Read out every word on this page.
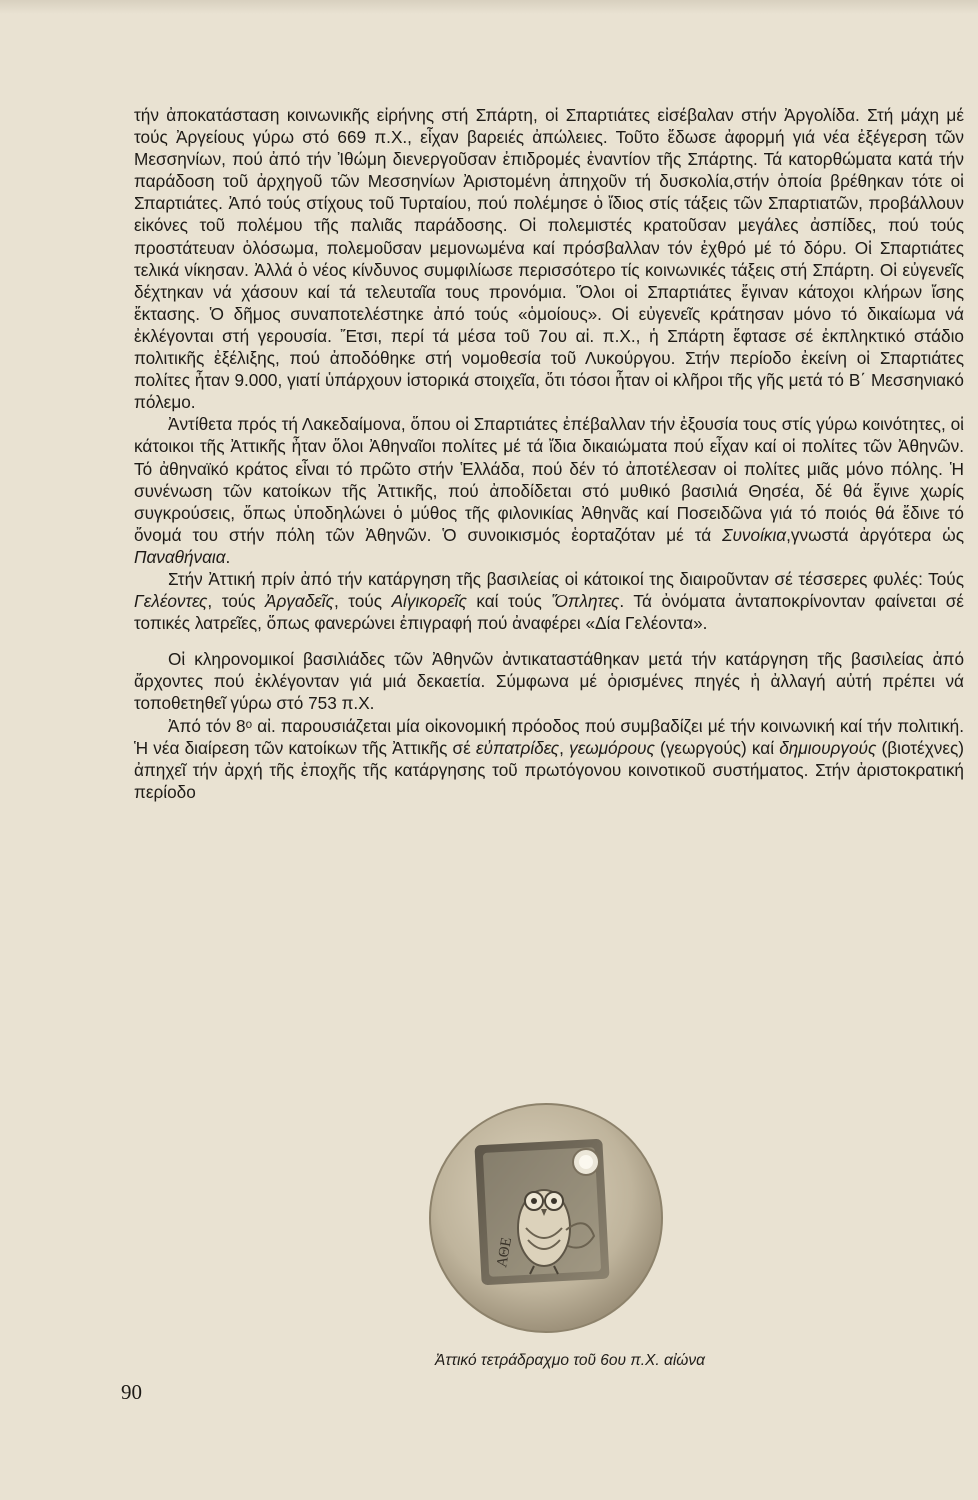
τήν ἀποκατάσταση κοινωνικῆς εἰρήνης στή Σπάρτη, οἱ Σπαρτιάτες εἰσέβαλαν στήν Ἀργολίδα. Στή μάχη μέ τούς Ἀργείους γύρω στό 669 π.Χ., εἶχαν βαρειές ἀπώλειες. Τοῦτο ἔδωσε ἀφορμή γιά νέα ἐξέγερση τῶν Μεσσηνίων, πού ἀπό τήν Ἰθώμη διενεργοῦσαν ἐπιδρομές ἐναντίον τῆς Σπάρτης. Τά κατορθώματα κατά τήν παράδοση τοῦ ἀρχηγοῦ τῶν Μεσσηνίων Ἀριστομένη ἀπηχοῦν τή δυσκολία,στήν ὁποία βρέθηκαν τότε οἱ Σπαρτιάτες. Ἀπό τούς στίχους τοῦ Τυρταίου, πού πολέμησε ὁ ἴδιος στίς τάξεις τῶν Σπαρτιατῶν, προβάλλουν εἰκόνες τοῦ πολέμου τῆς παλιᾶς παράδοσης. Οἱ πολεμιστές κρατοῦσαν μεγάλες ἀσπίδες, πού τούς προστάτευαν ὁλόσωμα, πολεμοῦσαν μεμονωμένα καί πρόσβαλλαν τόν ἐχθρό μέ τό δόρυ. Οἱ Σπαρτιάτες τελικά νίκησαν. Ἀλλά ὁ νέος κίνδυνος συμφιλίωσε περισσότερο τίς κοινωνικές τάξεις στή Σπάρτη. Οἱ εὐγενεῖς δέχτηκαν νά χάσουν καί τά τελευταῖα τους προνόμια. Ὅλοι οἱ Σπαρτιάτες ἔγιναν κάτοχοι κλήρων ἴσης ἔκτασης. Ὁ δῆμος συναποτελέστηκε ἀπό τούς «ὁμοίους». Οἱ εὐγενεῖς κράτησαν μόνο τό δικαίωμα νά ἐκλέγονται στή γερουσία. Ἔτσι, περί τά μέσα τοῦ 7ου αἰ. π.Χ., ἡ Σπάρτη ἔφτασε σέ ἐκπληκτικό στάδιο πολιτικῆς ἐξέλιξης, πού ἀποδόθηκε στή νομοθεσία τοῦ Λυκούργου. Στήν περίοδο ἐκείνη οἱ Σπαρτιάτες πολίτες ἦταν 9.000, γιατί ὑπάρχουν ἱστορικά στοιχεῖα, ὅτι τόσοι ἦταν οἱ κλῆροι τῆς γῆς μετά τό Β΄ Μεσσηνιακό πόλεμο.

Ἀντίθετα πρός τή Λακεδαίμονα, ὅπου οἱ Σπαρτιάτες ἐπέβαλλαν τήν ἐξουσία τους στίς γύρω κοινότητες, οἱ κάτοικοι τῆς Ἀττικῆς ἦταν ὅλοι Ἀθηναῖοι πολίτες μέ τά ἴδια δικαιώματα πού εἶχαν καί οἱ πολίτες τῶν Ἀθηνῶν. Τό ἀθηναϊκό κράτος εἶναι τό πρῶτο στήν Ἑλλάδα, πού δέν τό ἀποτέλεσαν οἱ πολίτες μιᾶς μόνο πόλης. Ἡ συνένωση τῶν κατοίκων τῆς Ἀττικῆς, πού ἀποδίδεται στό μυθικό βασιλιά Θησέα, δέ θά ἔγινε χωρίς συγκρούσεις, ὅπως ὑποδηλώνει ὁ μύθος τῆς φιλονικίας Ἀθηνᾶς καί Ποσειδῶνα γιά τό ποιός θά ἔδινε τό ὄνομά του στήν πόλη τῶν Ἀθηνῶν. Ὁ συνοικισμός ἑορταζόταν μέ τά Συνοίκια,γνωστά ἀργότερα ὡς Παναθήναια.

Στήν Ἀττική πρίν ἀπό τήν κατάργηση τῆς βασιλείας οἱ κάτοικοί της διαιροῦνταν σέ τέσσερες φυλές: Τούς Γελέοντες, τούς Ἀργαδεῖς, τούς Αἰγικορεῖς καί τούς Ὅπλητες. Τά ὀνόματα ἀνταποκρίνονταν φαίνεται σέ τοπικές λατρεῖες, ὅπως φανερώνει ἐπιγραφή πού ἀναφέρει «Δία Γελέοντα».

Οἱ κληρονομικοί βασιλιάδες τῶν Ἀθηνῶν ἀντικαταστάθηκαν μετά τήν κατάργηση τῆς βασιλείας ἀπό ἄρχοντες πού ἐκλέγονταν γιά μιά δεκαετία. Σύμφωνα μέ ὁρισμένες πηγές ἡ ἀλλαγή αὐτή πρέπει νά τοποθετηθεῖ γύρω στό 753 π.Χ.

Ἀπό τόν 8ᵒ αἰ. παρουσιάζεται μία οἰκονομική πρόοδος πού συμβαδίζει μέ τήν κοινωνική καί τήν πολιτική. Ἡ νέα διαίρεση τῶν κατοίκων τῆς Ἀττικῆς σέ εὐπατρίδες, γεωμόρους (γεωργούς) καί δημιουργούς (βιοτέχνες) ἀπηχεῖ τήν ἀρχή τῆς ἐποχῆς τῆς κατάργησης τοῦ πρωτόγονου κοινοτικοῦ συστήματος. Στήν ἀριστοκρατική περίοδο

ΑΘΕ
Ἀττικό τετράδραχμο τοῦ 6ου π.Χ. αἰώνα
90
